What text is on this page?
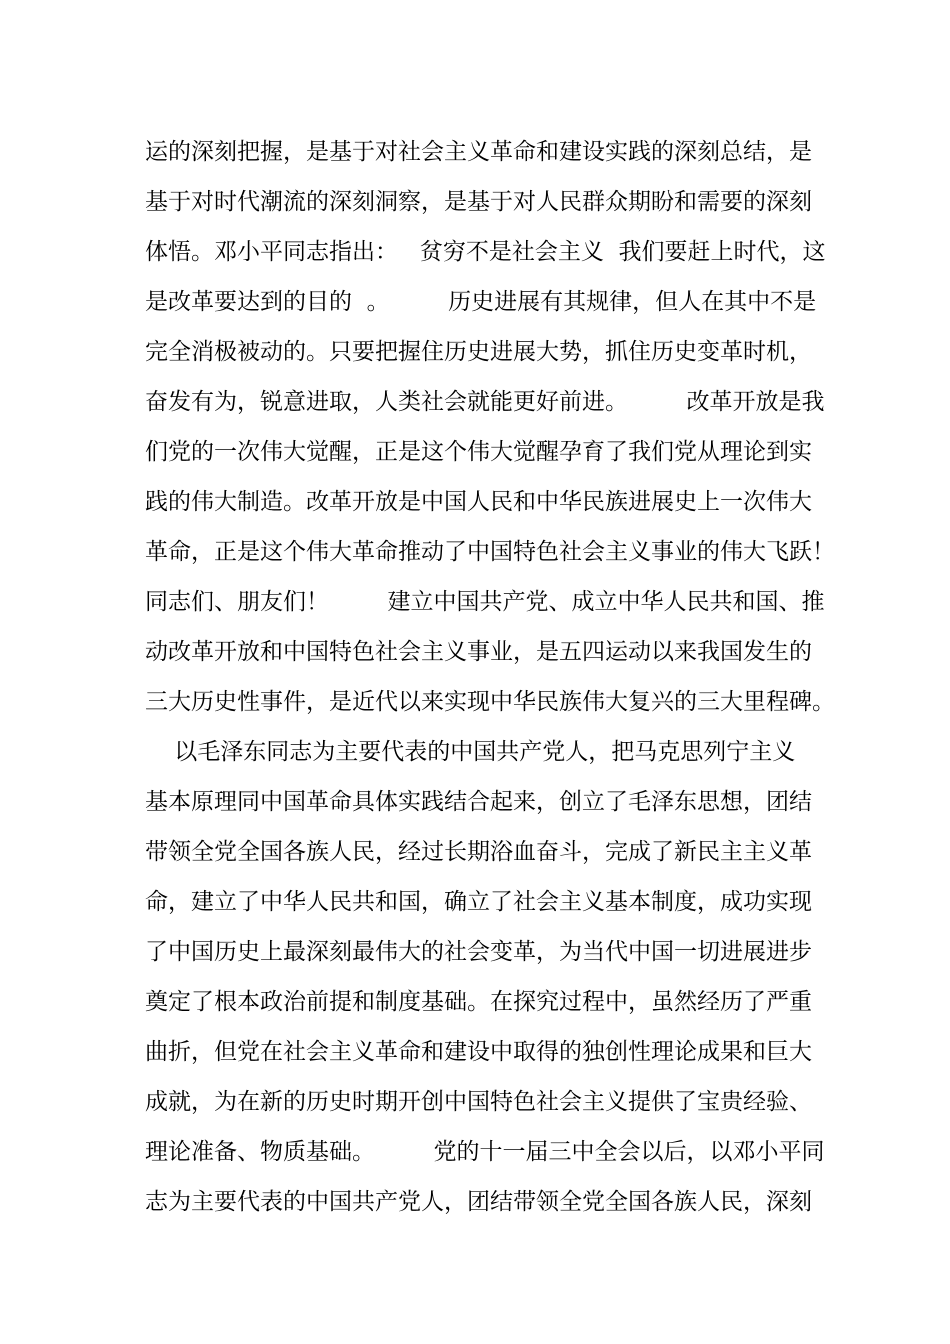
运的深刻把握，是基于对社会主义革命和建设实践的深刻总结，是
基于对时代潮流的深刻洞察，是基于对人民群众期盼和需要的深刻
体悟。邓小平同志指出：   贫穷不是社会主义  我们要赶上时代，这
是改革要达到的目的  。        历史进展有其规律，但人在其中不是
完全消极被动的。只要把握住历史进展大势，抓住历史变革时机，
奋发有为，锐意进取，人类社会就能更好前进。        改革开放是我
们党的一次伟大觉醒，正是这个伟大觉醒孕育了我们党从理论到实
践的伟大制造。改革开放是中国人民和中华民族进展史上一次伟大
革命，正是这个伟大革命推动了中国特色社会主义事业的伟大飞跃！
同志们、朋友们！        建立中国共产党、成立中华人民共和国、推
动改革开放和中国特色社会主义事业，是五四运动以来我国发生的
三大历史性事件，是近代以来实现中华民族伟大复兴的三大里程碑。
以毛泽东同志为主要代表的中国共产党人，把马克思列宁主义
基本原理同中国革命具体实践结合起来，创立了毛泽东思想，团结
带领全党全国各族人民，经过长期浴血奋斗，完成了新民主主义革
命，建立了中华人民共和国，确立了社会主义基本制度，成功实现
了中国历史上最深刻最伟大的社会变革，为当代中国一切进展进步
奠定了根本政治前提和制度基础。在探究过程中，虽然经历了严重
曲折，但党在社会主义革命和建设中取得的独创性理论成果和巨大
成就，为在新的历史时期开创中国特色社会主义提供了宝贵经验、
理论准备、物质基础。        党的十一届三中全会以后，以邓小平同
志为主要代表的中国共产党人，团结带领全党全国各族人民，深刻
